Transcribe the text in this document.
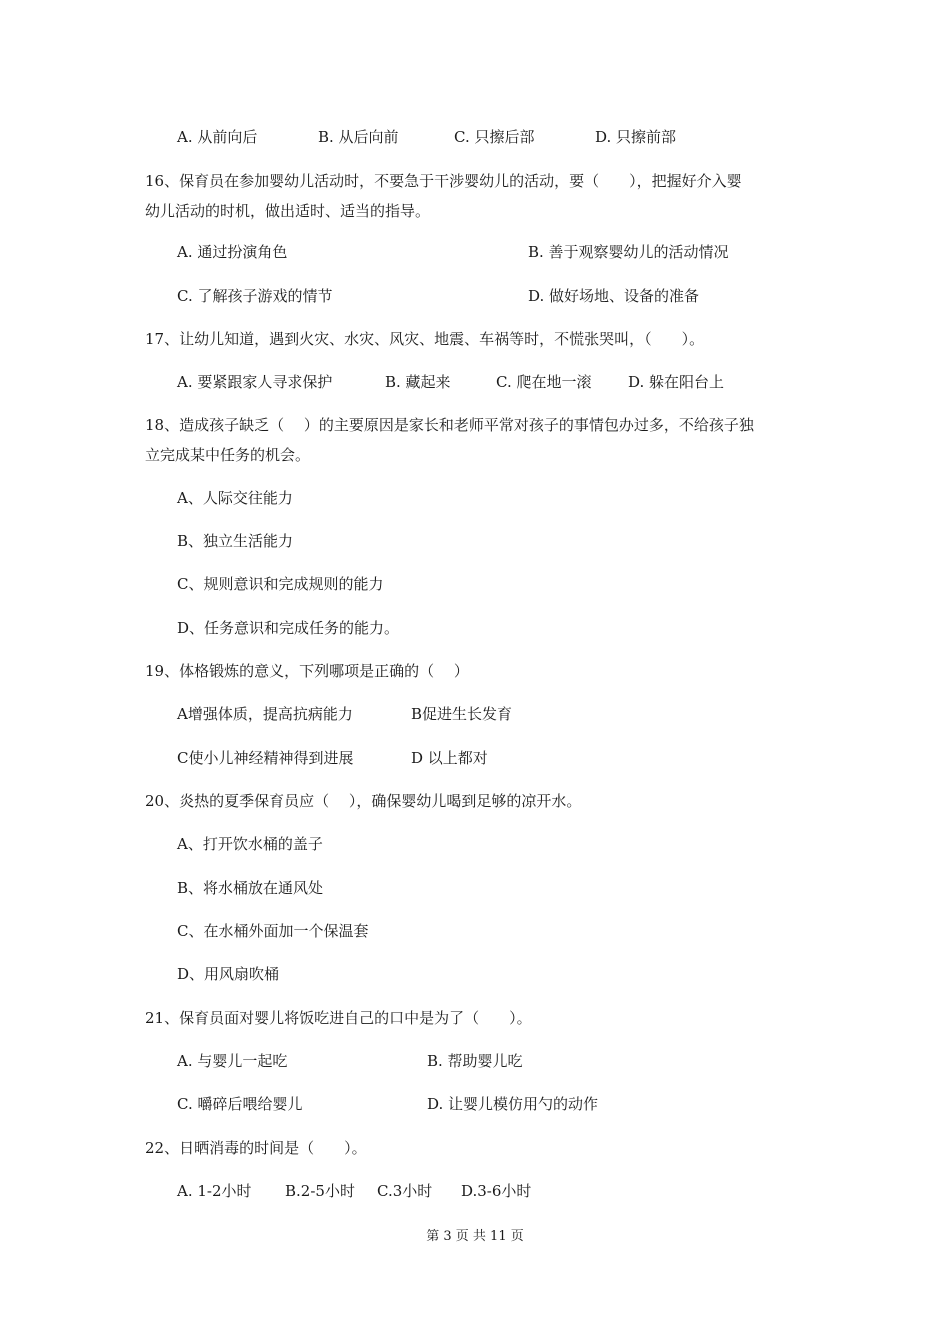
A. 从前向后	B. 从后向前	C. 只擦后部	D. 只擦前部
16、保育员在参加婴幼儿活动时，不要急于干涉婴幼儿的活动，要（　　），把握好介入婴
幼儿活动的时机，做出适时、适当的指导。
A. 通过扮演角色	B. 善于观察婴幼儿的活动情况
C. 了解孩子游戏的情节	D. 做好场地、设备的准备
17、让幼儿知道，遇到火灾、水灾、风灾、地震、车祸等时，不慌张哭叫，（　　）。
A. 要紧跟家人寻求保护	B. 藏起来	C. 爬在地一滚 D. 躲在阳台上
18、造成孩子缺乏（　 ）的主要原因是家长和老师平常对孩子的事情包办过多，不给孩子独
立完成某中任务的机会。
A、人际交往能力
B、独立生活能力
C、规则意识和完成规则的能力
D、任务意识和完成任务的能力。
19、体格锻炼的意义，下列哪项是正确的（　 ）
A增强体质，提高抗病能力	B促进生长发育
C使小儿神经精神得到进展	D 以上都对
20、炎热的夏季保育员应（　 ），确保婴幼儿喝到足够的凉开水。
A、打开饮水桶的盖子
B、将水桶放在通风处
C、在水桶外面加一个保温套
D、用风扇吹桶
21、保育员面对婴儿将饭吃进自己的口中是为了（　　）。
A. 与婴儿一起吃	B. 帮助婴儿吃
C. 嚼碎后喂给婴儿	D. 让婴儿模仿用勺的动作
22、日晒消毒的时间是（　　）。
A. 1-2小时 B.2-5小时 C.3小时 D.3-6小时
第 3 页 共 11 页
